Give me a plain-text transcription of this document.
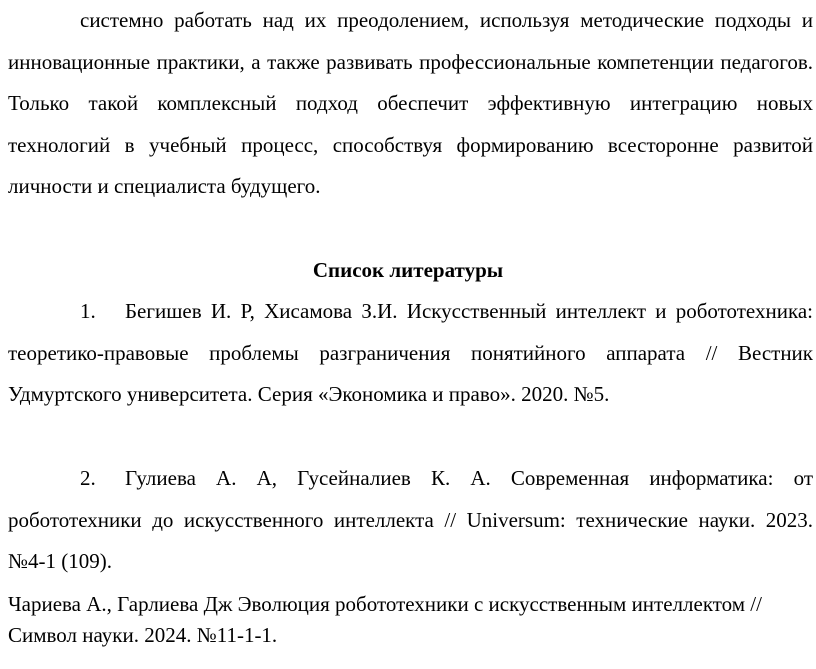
системно работать над их преодолением, используя методические подходы и инновационные практики, а также развивать профессиональные компетенции педагогов. Только такой комплексный подход обеспечит эффективную интеграцию новых технологий в учебный процесс, способствуя формированию всесторонне развитой личности и специалиста будущего.

Список литературы

1. Бегишев И. Р, Хисамова З.И. Искусственный интеллект и робототехника: теоретико-правовые проблемы разграничения понятийного аппарата // Вестник Удмуртского университета. Серия «Экономика и право». 2020. №5.

2. Гулиева А. А, Гусейналиев К. А. Современная информатика: от робототехники до искусственного интеллекта // Universum: технические науки. 2023. №4-1 (109).

Чариева А., Гарлиева Дж Эволюция робототехники с искусственным интеллектом // Символ науки. 2024. №11-1-1.
